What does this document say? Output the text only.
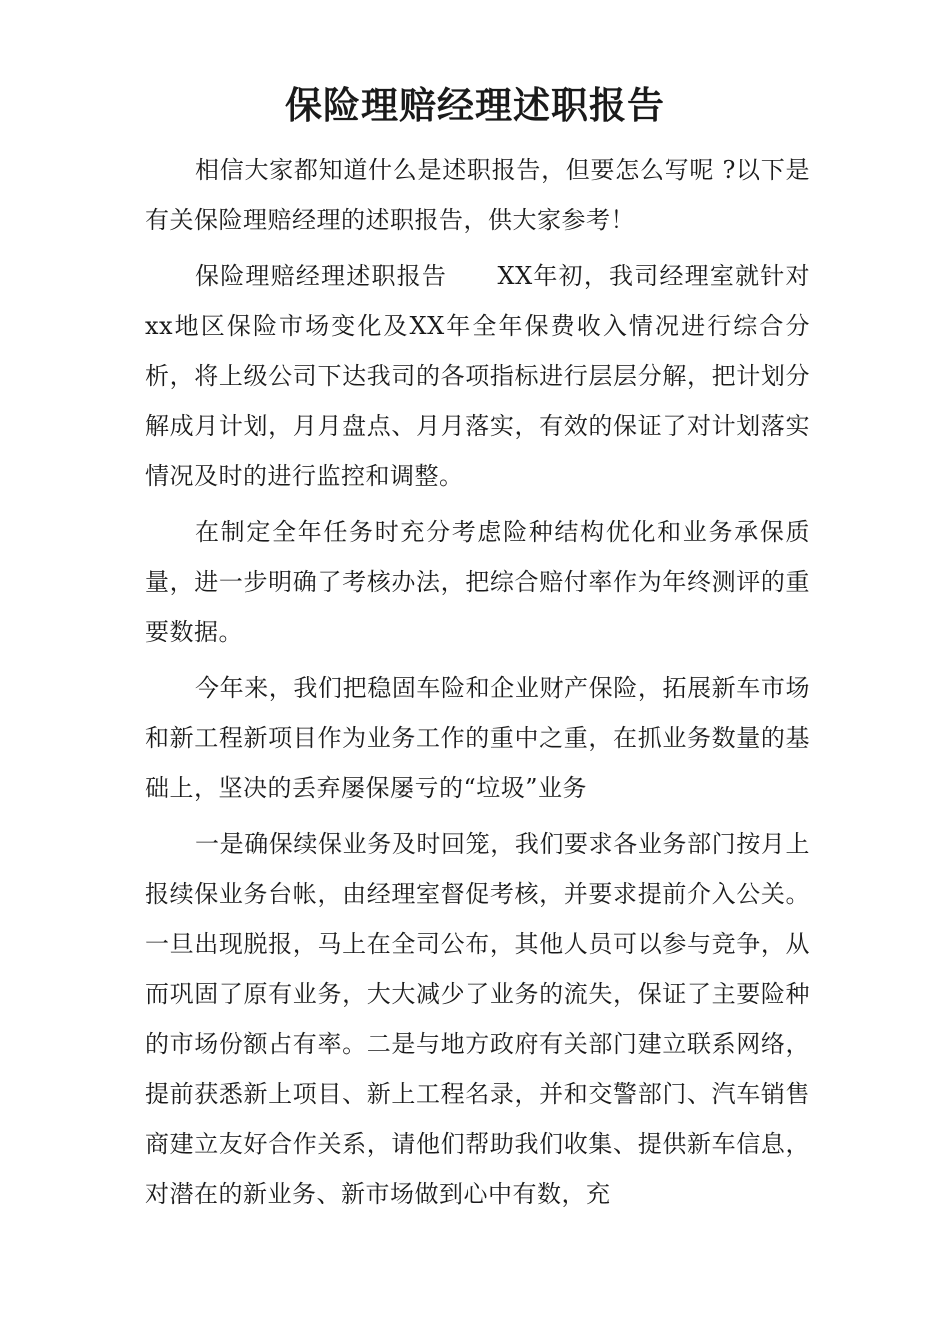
保险理赔经理述职报告

相信大家都知道什么是述职报告，但要怎么写呢 ?以下是有关保险理赔经理的述职报告，供大家参考！

保险理赔经理述职报告　　XX年初，我司经理室就针对xx地区保险市场变化及XX年全年保费收入情况进行综合分析，将上级公司下达我司的各项指标进行层层分解，把计划分解成月计划，月月盘点、月月落实，有效的保证了对计划落实情况及时的进行监控和调整。

在制定全年任务时充分考虑险种结构优化和业务承保质量，进一步明确了考核办法，把综合赔付率作为年终测评的重要数据。

今年来，我们把稳固车险和企业财产保险，拓展新车市场和新工程新项目作为业务工作的重中之重，在抓业务数量的基础上，坚决的丢弃屡保屡亏的“垃圾”业务

一是确保续保业务及时回笼，我们要求各业务部门按月上报续保业务台帐，由经理室督促考核，并要求提前介入公关。一旦出现脱报，马上在全司公布，其他人员可以参与竞争，从而巩固了原有业务，大大减少了业务的流失，保证了主要险种的市场份额占有率。二是与地方政府有关部门建立联系网络，提前获悉新上项目、新上工程名录，并和交警部门、汽车销售商建立友好合作关系，请他们帮助我们收集、提供新车信息，对潜在的新业务、新市场做到心中有数，充
